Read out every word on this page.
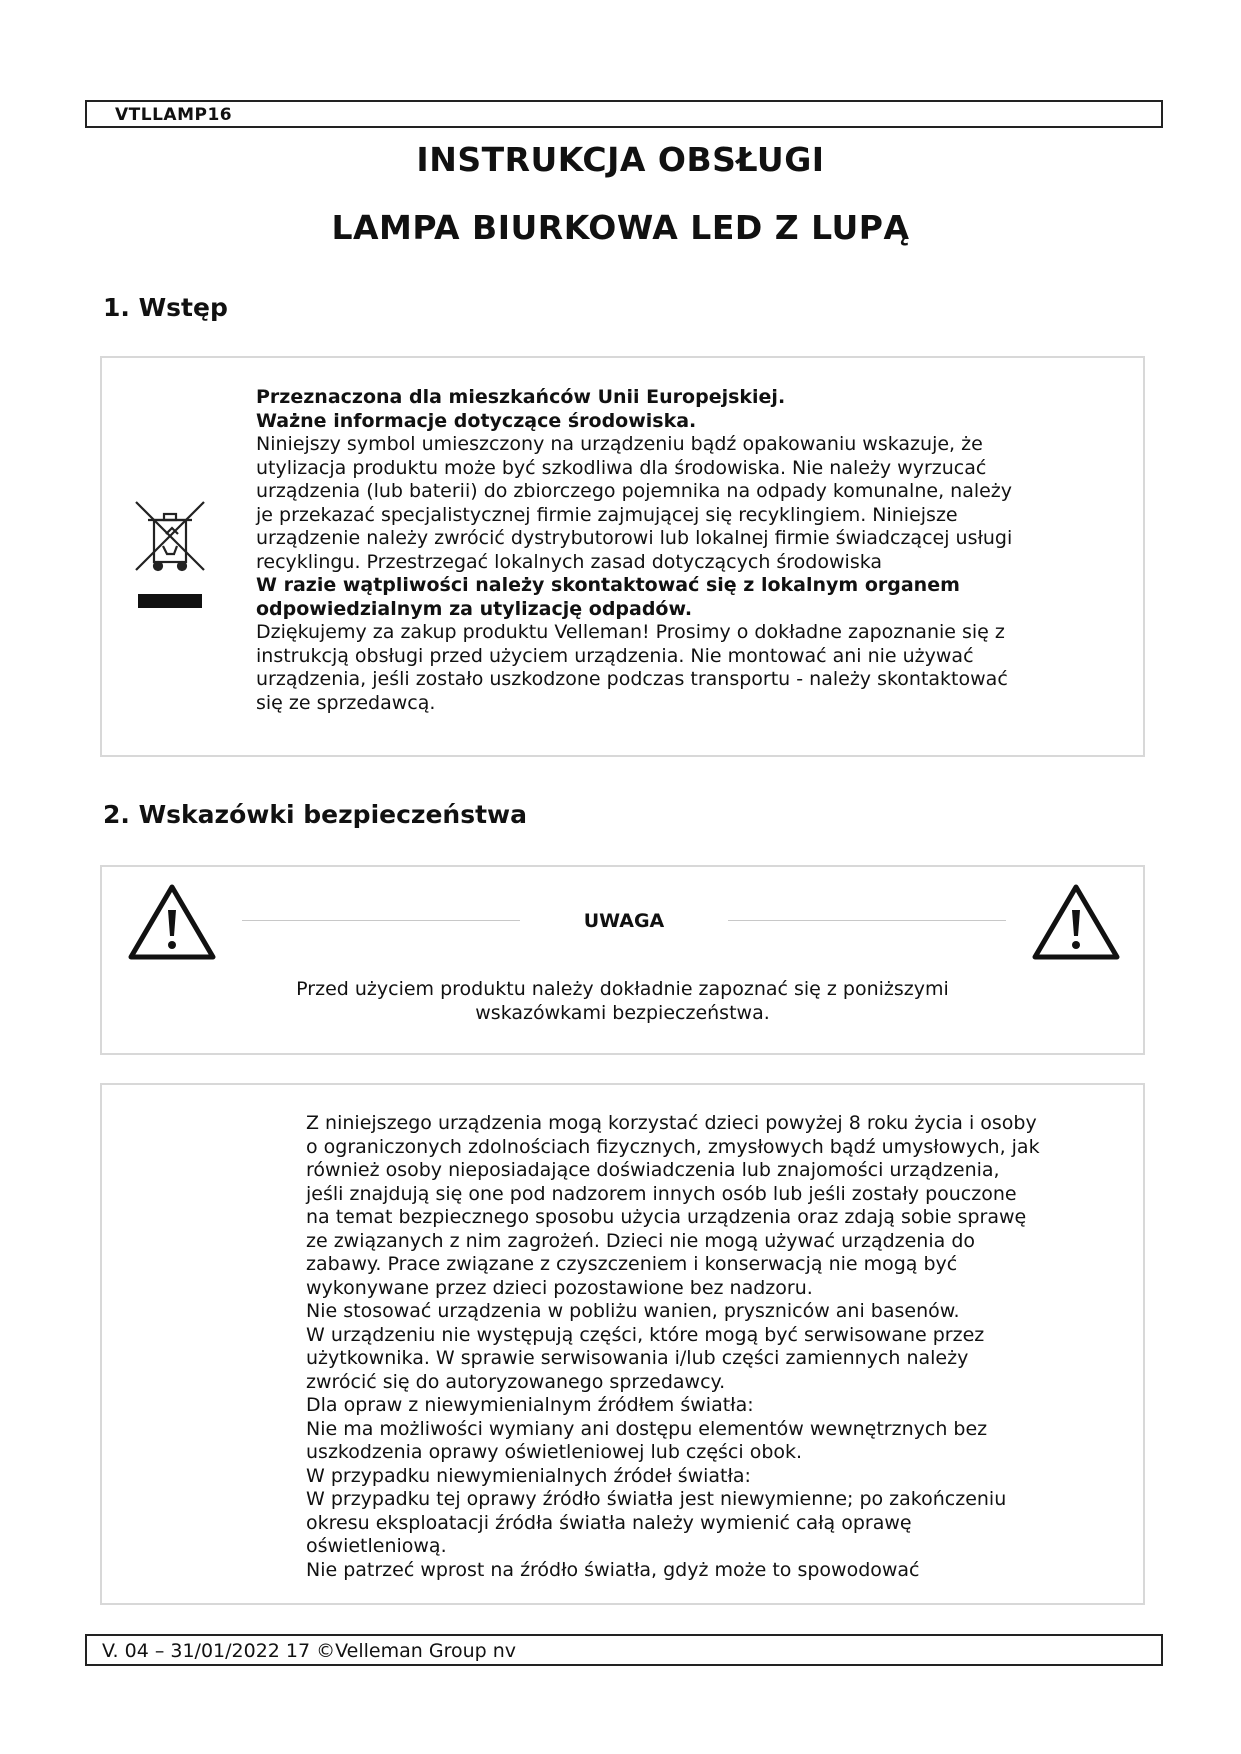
VTLLAMP16
INSTRUKCJA OBSŁUGI
LAMPA BIURKOWA LED Z LUPĄ
1. Wstęp

Przeznaczona dla mieszkańców Unii Europejskiej.

Ważne informacje dotyczące środowiska.

Niniejszy symbol umieszczony na urządzeniu bądź opakowaniu wskazuje, że

utylizacja produktu może być szkodliwa dla środowiska. Nie należy wyrzucać

urządzenia (lub baterii) do zbiorczego pojemnika na odpady komunalne, należy

je przekazać specjalistycznej firmie zajmującej się recyklingiem. Niniejsze

urządzenie należy zwrócić dystrybutorowi lub lokalnej firmie świadczącej usługi

recyklingu. Przestrzegać lokalnych zasad dotyczących środowiska

W razie wątpliwości należy skontaktować się z lokalnym organem

odpowiedzialnym za utylizację odpadów.

Dziękujemy za zakup produktu Velleman! Prosimy o dokładne zapoznanie się z

instrukcją obsługi przed użyciem urządzenia. Nie montować ani nie używać

urządzenia, jeśli zostało uszkodzone podczas transportu - należy skontaktować

się ze sprzedawcą.

2. Wskazówki bezpieczeństwa
UWAGA

Przed użyciem produktu należy dokładnie zapoznać się z poniższymi

wskazówkami bezpieczeństwa.

Z niniejszego urządzenia mogą korzystać dzieci powyżej 8 roku życia i osoby

o ograniczonych zdolnościach fizycznych, zmysłowych bądź umysłowych, jak

również osoby nieposiadające doświadczenia lub znajomości urządzenia,

jeśli znajdują się one pod nadzorem innych osób lub jeśli zostały pouczone

na temat bezpiecznego sposobu użycia urządzenia oraz zdają sobie sprawę

ze związanych z nim zagrożeń. Dzieci nie mogą używać urządzenia do

zabawy. Prace związane z czyszczeniem i konserwacją nie mogą być

wykonywane przez dzieci pozostawione bez nadzoru.

Nie stosować urządzenia w pobliżu wanien, pryszniców ani basenów.

W urządzeniu nie występują części, które mogą być serwisowane przez

użytkownika. W sprawie serwisowania i/lub części zamiennych należy

zwrócić się do autoryzowanego sprzedawcy.

Dla opraw z niewymienialnym źródłem światła:

Nie ma możliwości wymiany ani dostępu elementów wewnętrznych bez

uszkodzenia oprawy oświetleniowej lub części obok.

W przypadku niewymienialnych źródeł światła:

W przypadku tej oprawy źródło światła jest niewymienne; po zakończeniu

okresu eksploatacji źródła światła należy wymienić całą oprawę

oświetleniową.

Nie patrzeć wprost na źródło światła, gdyż może to spowodować

V. 04 – 31/01/2022 17 ©Velleman Group nv
